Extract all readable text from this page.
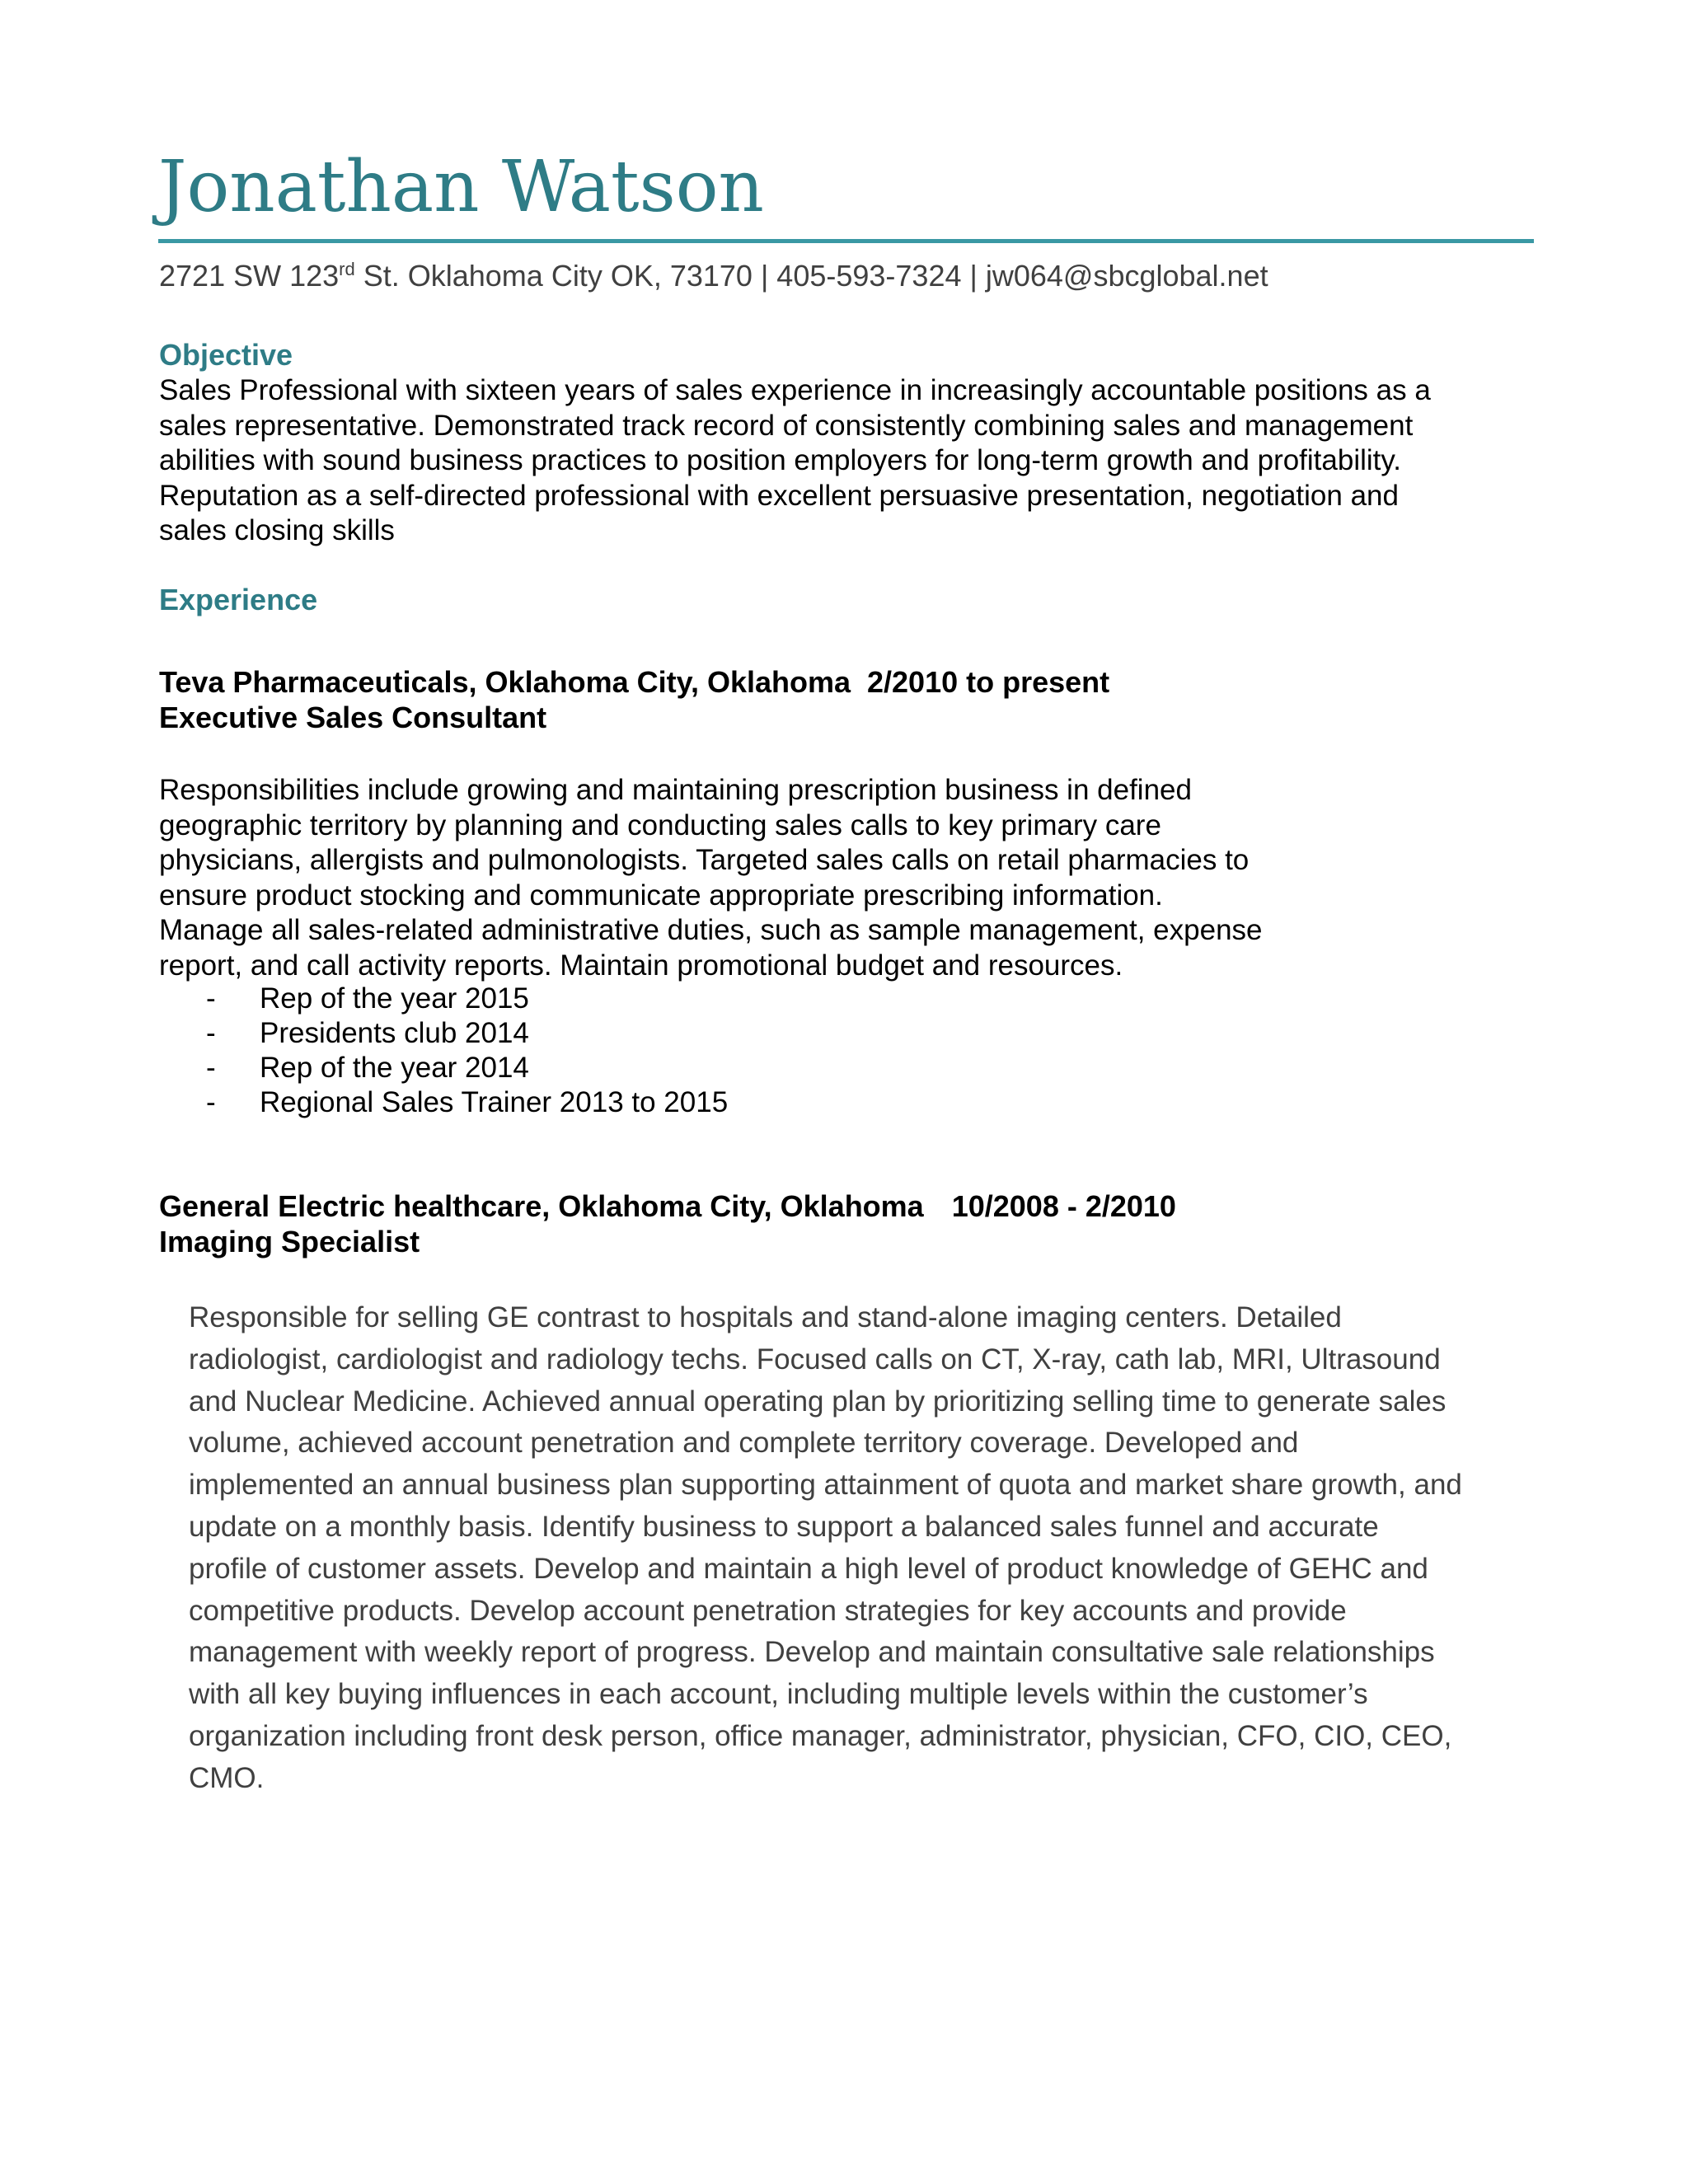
Jonathan Watson
2721 SW 123rd St. Oklahoma City OK, 73170 | 405-593-7324 | jw064@sbcglobal.net
Objective
Sales Professional with sixteen years of sales experience in increasingly accountable positions as a
sales representative. Demonstrated track record of consistently combining sales and management
abilities with sound business practices to position employers for long-term growth and profitability.
Reputation as a self-directed professional with excellent persuasive presentation, negotiation and
sales closing skills
Experience
Teva Pharmaceuticals, Oklahoma City, Oklahoma 2/2010 to present
Executive Sales Consultant
Responsibilities include growing and maintaining prescription business in defined
geographic territory by planning and conducting sales calls to key primary care
physicians, allergists and pulmonologists. Targeted sales calls on retail pharmacies to
ensure product stocking and communicate appropriate prescribing information.
Manage all sales-related administrative duties, such as sample management, expense
report, and call activity reports. Maintain promotional budget and resources.
- Rep of the year 2015
- Presidents club 2014
- Rep of the year 2014
- Regional Sales Trainer 2013 to 2015
General Electric healthcare, Oklahoma City, Oklahoma 10/2008 - 2/2010
Imaging Specialist
Responsible for selling GE contrast to hospitals and stand-alone imaging centers. Detailed
radiologist, cardiologist and radiology techs. Focused calls on CT, X-ray, cath lab, MRI, Ultrasound
and Nuclear Medicine. Achieved annual operating plan by prioritizing selling time to generate sales
volume, achieved account penetration and complete territory coverage. Developed and
implemented an annual business plan supporting attainment of quota and market share growth, and
update on a monthly basis. Identify business to support a balanced sales funnel and accurate
profile of customer assets. Develop and maintain a high level of product knowledge of GEHC and
competitive products. Develop account penetration strategies for key accounts and provide
management with weekly report of progress. Develop and maintain consultative sale relationships
with all key buying influences in each account, including multiple levels within the customer’s
organization including front desk person, office manager, administrator, physician, CFO, CIO, CEO,
CMO.
